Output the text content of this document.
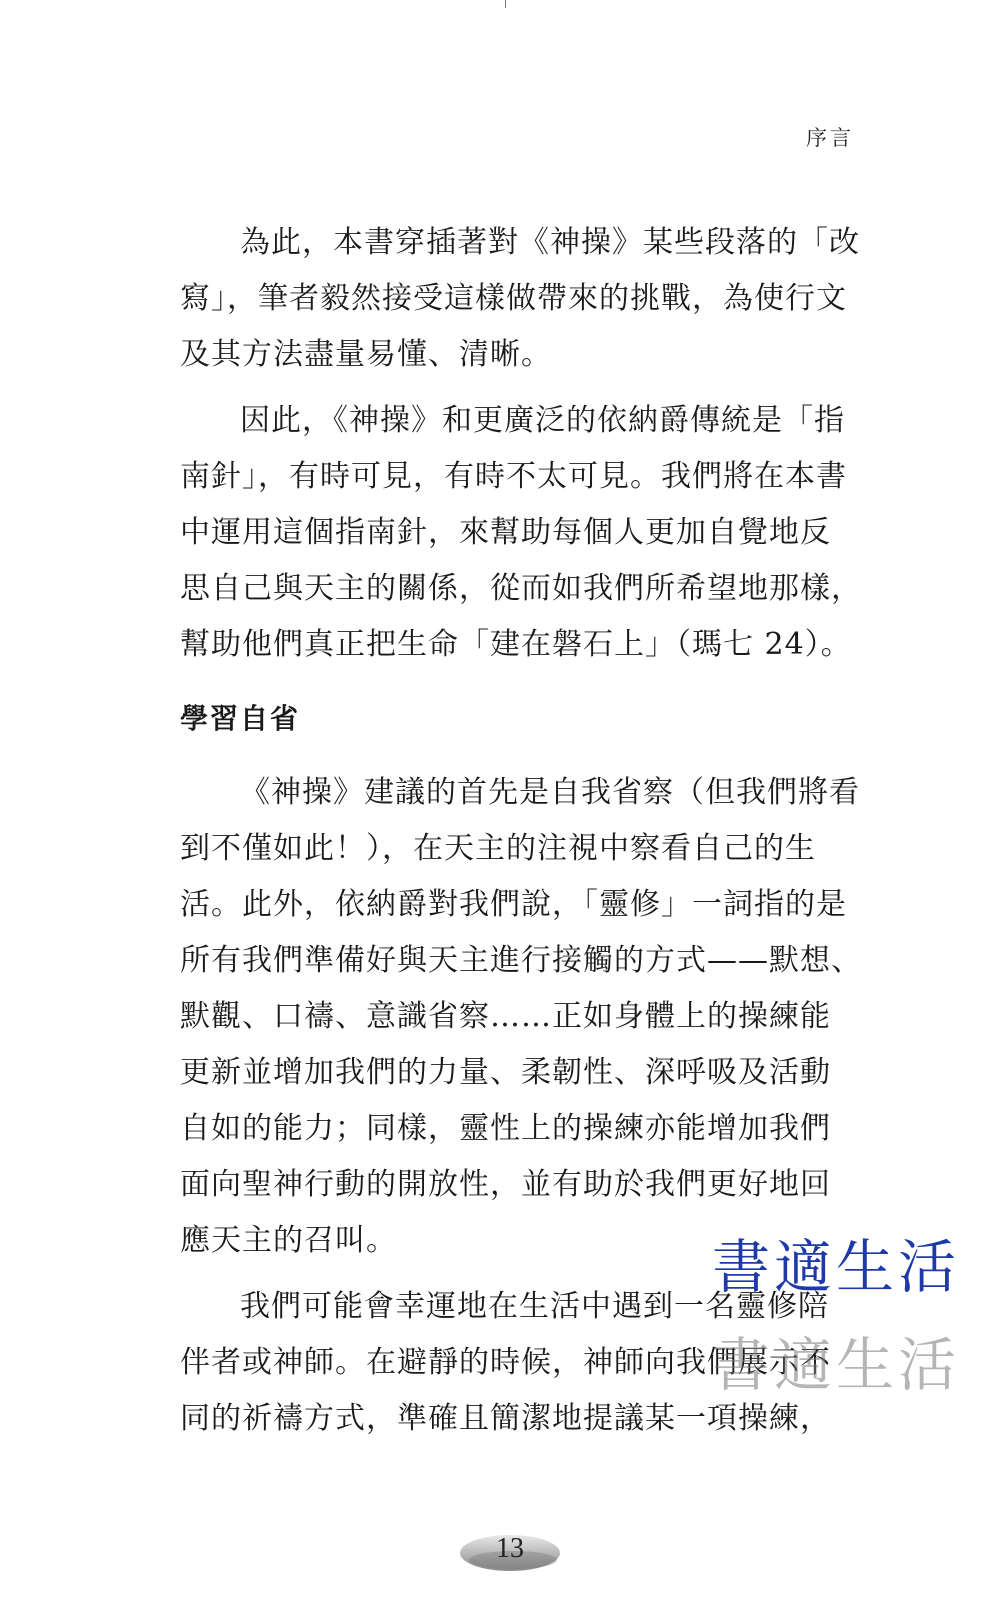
序言

為此，本書穿插著對《神操》某些段落的「改
寫」，筆者毅然接受這樣做帶來的挑戰，為使行文
及其方法盡量易懂、清晰。

因此，《神操》和更廣泛的依納爵傳統是「指
南針」，有時可見，有時不太可見。我們將在本書
中運用這個指南針，來幫助每個人更加自覺地反
思自己與天主的關係，從而如我們所希望地那樣，
幫助他們真正把生命「建在磐石上」（瑪七 24）。

學習自省

《神操》建議的首先是自我省察（但我們將看
到不僅如此！），在天主的注視中察看自己的生
活。此外，依納爵對我們說，「靈修」一詞指的是
所有我們準備好與天主進行接觸的方式——默想、
默觀、口禱、意識省察……正如身體上的操練能
更新並增加我們的力量、柔韌性、深呼吸及活動
自如的能力；同樣，靈性上的操練亦能增加我們
面向聖神行動的開放性，並有助於我們更好地回
應天主的召叫。

我們可能會幸運地在生活中遇到一名靈修陪
伴者或神師。在避靜的時候，神師向我們展示不
同的祈禱方式，準確且簡潔地提議某一項操練，

書適生活
書適生活
13
